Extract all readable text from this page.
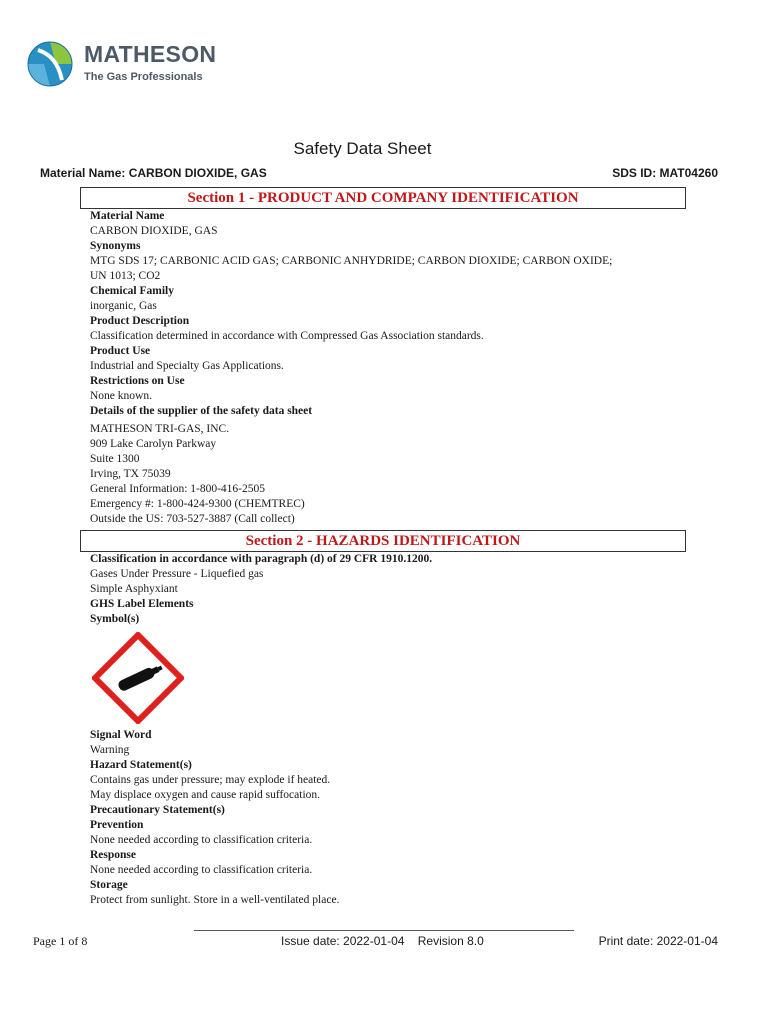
MATHESON
The Gas Professionals
Safety Data Sheet
Material Name: CARBON DIOXIDE, GAS	SDS ID: MAT04260
Section 1 - PRODUCT AND COMPANY IDENTIFICATION
Material Name
CARBON DIOXIDE, GAS
Synonyms
MTG SDS 17; CARBONIC ACID GAS; CARBONIC ANHYDRIDE; CARBON DIOXIDE; CARBON OXIDE;
UN 1013; CO2
Chemical Family
inorganic, Gas
Product Description
Classification determined in accordance with Compressed Gas Association standards.
Product Use
Industrial and Specialty Gas Applications.
Restrictions on Use
None known.
Details of the supplier of the safety data sheet
MATHESON TRI-GAS, INC.
909 Lake Carolyn Parkway
Suite 1300
Irving, TX 75039
General Information: 1-800-416-2505
Emergency #: 1-800-424-9300 (CHEMTREC)
Outside the US: 703-527-3887 (Call collect)
Section 2 - HAZARDS IDENTIFICATION
Classification in accordance with paragraph (d) of 29 CFR 1910.1200.
Gases Under Pressure - Liquefied gas
Simple Asphyxiant
GHS Label Elements
Symbol(s)
Signal Word
Warning
Hazard Statement(s)
Contains gas under pressure; may explode if heated.
May displace oxygen and cause rapid suffocation.
Precautionary Statement(s)
Prevention
None needed according to classification criteria.
Response
None needed according to classification criteria.
Storage
Protect from sunlight. Store in a well-ventilated place.
Page 1 of 8	Issue date: 2022-01-04    Revision 8.0	Print date: 2022-01-04
